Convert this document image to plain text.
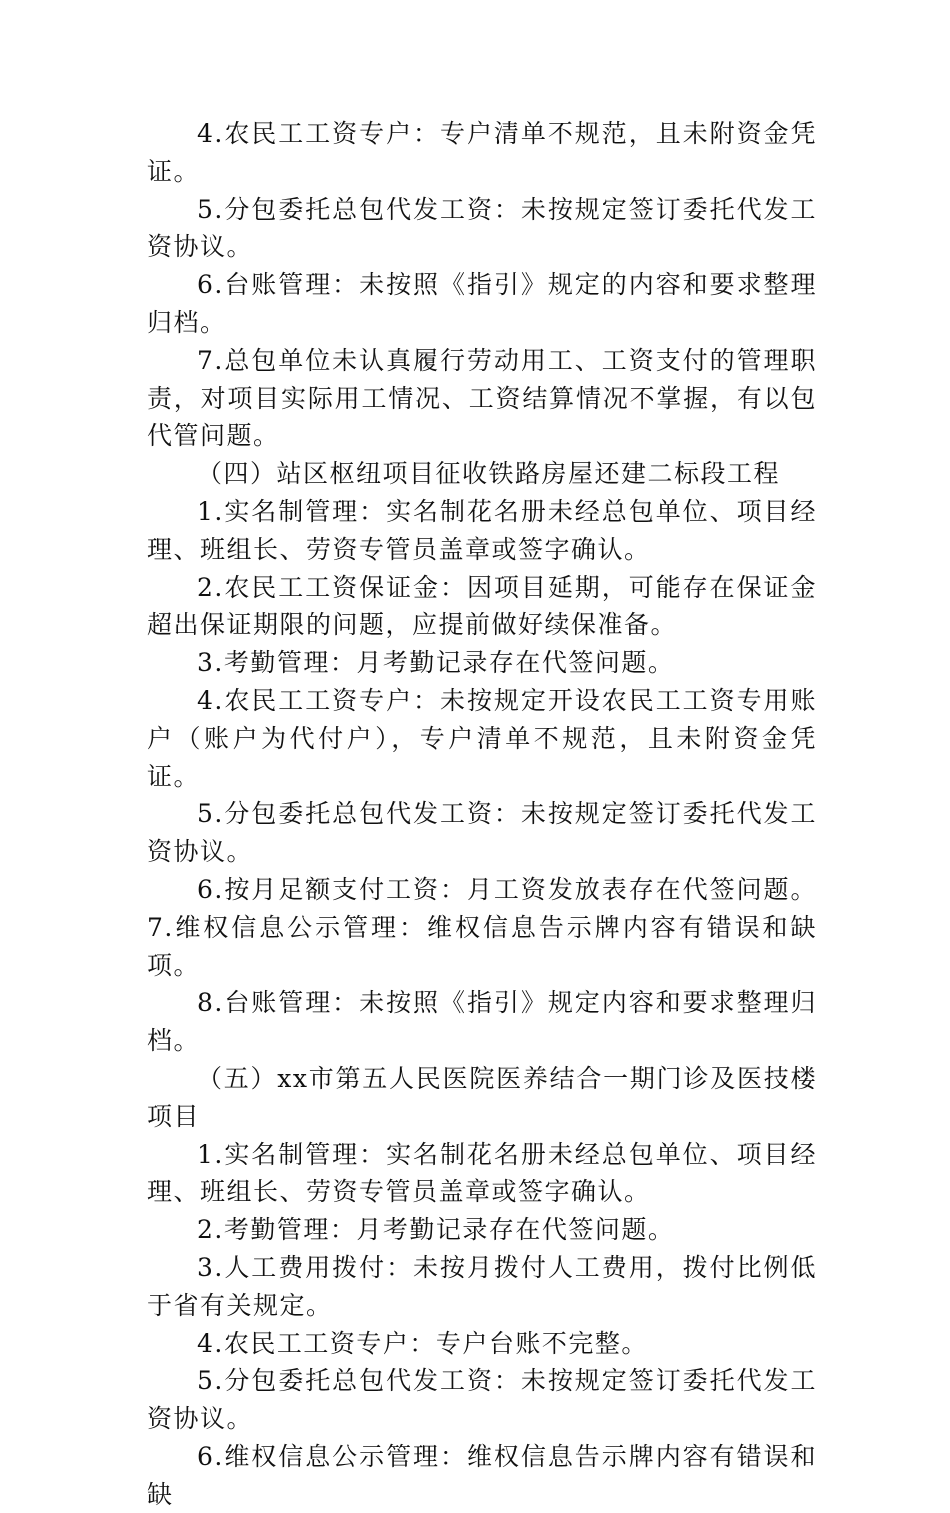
4.农民工工资专户：专户清单不规范，且未附资金凭证。

5.分包委托总包代发工资：未按规定签订委托代发工资协议。

6.台账管理：未按照《指引》规定的内容和要求整理归档。

7.总包单位未认真履行劳动用工、工资支付的管理职责，对项目实际用工情况、工资结算情况不掌握，有以包代管问题。

（四）站区枢纽项目征收铁路房屋还建二标段工程

1.实名制管理：实名制花名册未经总包单位、项目经理、班组长、劳资专管员盖章或签字确认。

2.农民工工资保证金：因项目延期，可能存在保证金超出保证期限的问题，应提前做好续保准备。

3.考勤管理：月考勤记录存在代签问题。

4.农民工工资专户：未按规定开设农民工工资专用账户（账户为代付户），专户清单不规范，且未附资金凭证。

5.分包委托总包代发工资：未按规定签订委托代发工资协议。

6.按月足额支付工资：月工资发放表存在代签问题。7.维权信息公示管理：维权信息告示牌内容有错误和缺项。

8.台账管理：未按照《指引》规定内容和要求整理归档。

（五）xx市第五人民医院医养结合一期门诊及医技楼项目

1.实名制管理：实名制花名册未经总包单位、项目经理、班组长、劳资专管员盖章或签字确认。

2.考勤管理：月考勤记录存在代签问题。

3.人工费用拨付：未按月拨付人工费用，拨付比例低于省有关规定。

4.农民工工资专户：专户台账不完整。

5.分包委托总包代发工资：未按规定签订委托代发工资协议。

6.维权信息公示管理：维权信息告示牌内容有错误和缺
